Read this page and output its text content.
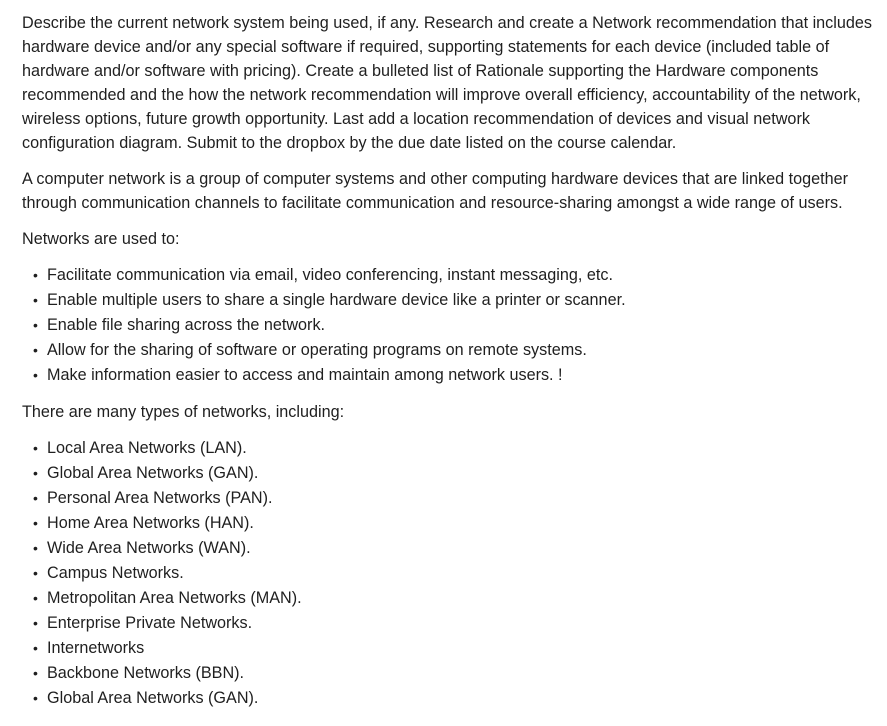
Describe the current network system being used, if any. Research and create a Network recommendation that includes hardware device and/or any special software if required, supporting statements for each device (included table of hardware and/or software with pricing). Create a bulleted list of Rationale supporting the Hardware components recommended and the how the network recommendation will improve overall efficiency, accountability of the network, wireless options, future growth opportunity. Last add a location recommendation of devices and visual network configuration diagram. Submit to the dropbox by the due date listed on the course calendar.

A computer network is a group of computer systems and other computing hardware devices that are linked together through communication channels to facilitate communication and resource-sharing amongst a wide range of users.

Networks are used to:

• Facilitate communication via email, video conferencing, instant messaging, etc.
• Enable multiple users to share a single hardware device like a printer or scanner.
• Enable file sharing across the network.
• Allow for the sharing of software or operating programs on remote systems.
• Make information easier to access and maintain among network users. !

There are many types of networks, including:

• Local Area Networks (LAN).
• Global Area Networks (GAN).
• Personal Area Networks (PAN).
• Home Area Networks (HAN).
• Wide Area Networks (WAN).
• Campus Networks.
• Metropolitan Area Networks (MAN).
• Enterprise Private Networks.
• Internetworks
• Backbone Networks (BBN).
• Global Area Networks (GAN).
